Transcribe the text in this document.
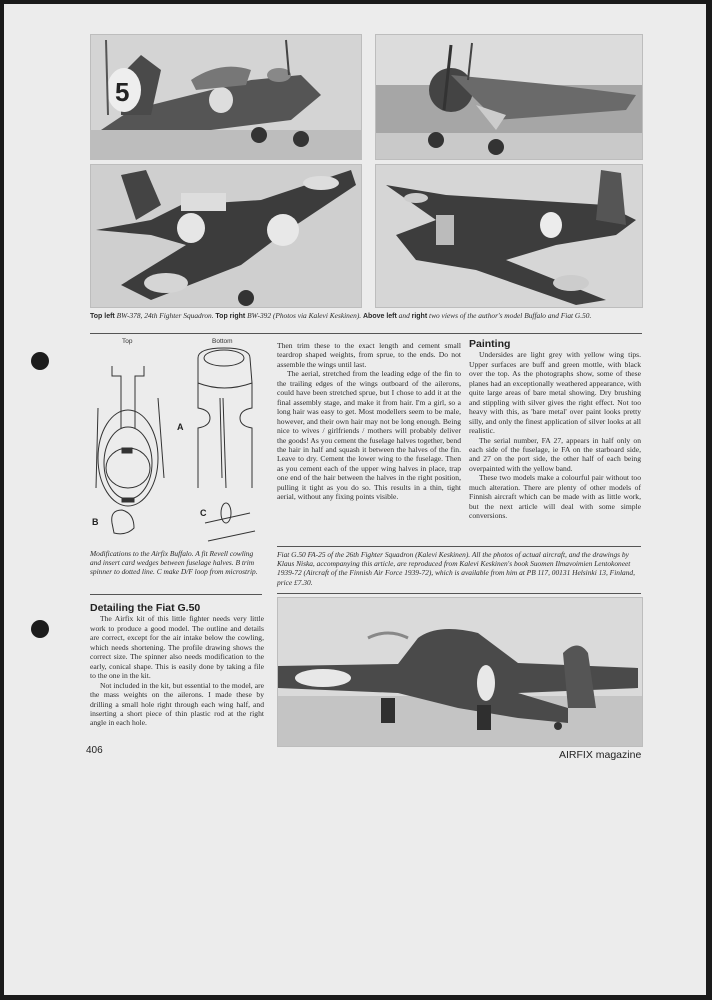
5
Top left BW-378, 24th Fighter Squadron. Top right BW-392 (Photos via Kalevi Keskinen). Above left and right two views of the author's model Buffalo and Fiat G.50.
Top	Bottom
A
B
C
Modifications to the Airfix Buffalo. A fit Revell cowling and insert card wedges between fuselage halves. B trim spinner to dotted line. C make D/F loop from microstrip.

Then trim these to the exact length and cement small teardrop shaped weights, from sprue, to the ends. Do not assemble the wings until last.

The aerial, stretched from the leading edge of the fin to the trailing edges of the wings outboard of the ailerons, could have been stretched sprue, but I chose to add it at the final assembly stage, and make it from hair. I'm a girl, so a long hair was easy to get. Most modellers seem to be male, however, and their own hair may not be long enough. Being nice to wives / girlfriends / mothers will probably deliver the goods! As you cement the fuselage halves together, bend the hair in half and squash it between the halves of the fin. Leave to dry. Cement the lower wing to the fuselage. Then as you cement each of the upper wing halves in place, trap one end of the hair between the halves in the right position, pulling it tight as you do so. This results in a thin, tight aerial, without any fixing points visible.

Painting

Undersides are light grey with yellow wing tips. Upper surfaces are buff and green mottle, with black over the top. As the photographs show, some of these planes had an exceptionally weathered appearance, with quite large areas of bare metal showing. Dry brushing and stippling with silver gives the right effect. Not too heavy with this, as 'bare metal' over paint looks pretty silly, and only the finest application of silver looks at all realistic.

The serial number, FA 27, appears in half only on each side of the fuselage, ie FA on the starboard side, and 27 on the port side, the other half of each being overpainted with the yellow band.

These two models make a colourful pair without too much alteration. There are plenty of other models of Finnish aircraft which can be made with as little work, but the next article will deal with some simple conversions.

Fiat G.50 FA-25 of the 26th Fighter Squadron (Kalevi Keskinen). All the photos of actual aircraft, and the drawings by Klaus Niska, accompanying this article, are reproduced from Kalevi Keskinen's book Suomen Ilmavoimien Lentokoneet 1939-72 (Aircraft of the Finnish Air Force 1939-72), which is available from him at PB 117, 00131 Helsinki 13, Finland, price £7.30.
Detailing the Fiat G.50

The Airfix kit of this little fighter needs very little work to produce a good model. The outline and details are correct, except for the air intake below the cowling, which needs shortening. The profile drawing shows the correct size. The spinner also needs modification to the early, conical shape. This is easily done by taking a file to the one in the kit.

Not included in the kit, but essential to the model, are the mass weights on the ailerons. I made these by drilling a small hole right through each wing half, and inserting a short piece of thin plastic rod at the right angle in each hole.

406	AIRFIX magazine
